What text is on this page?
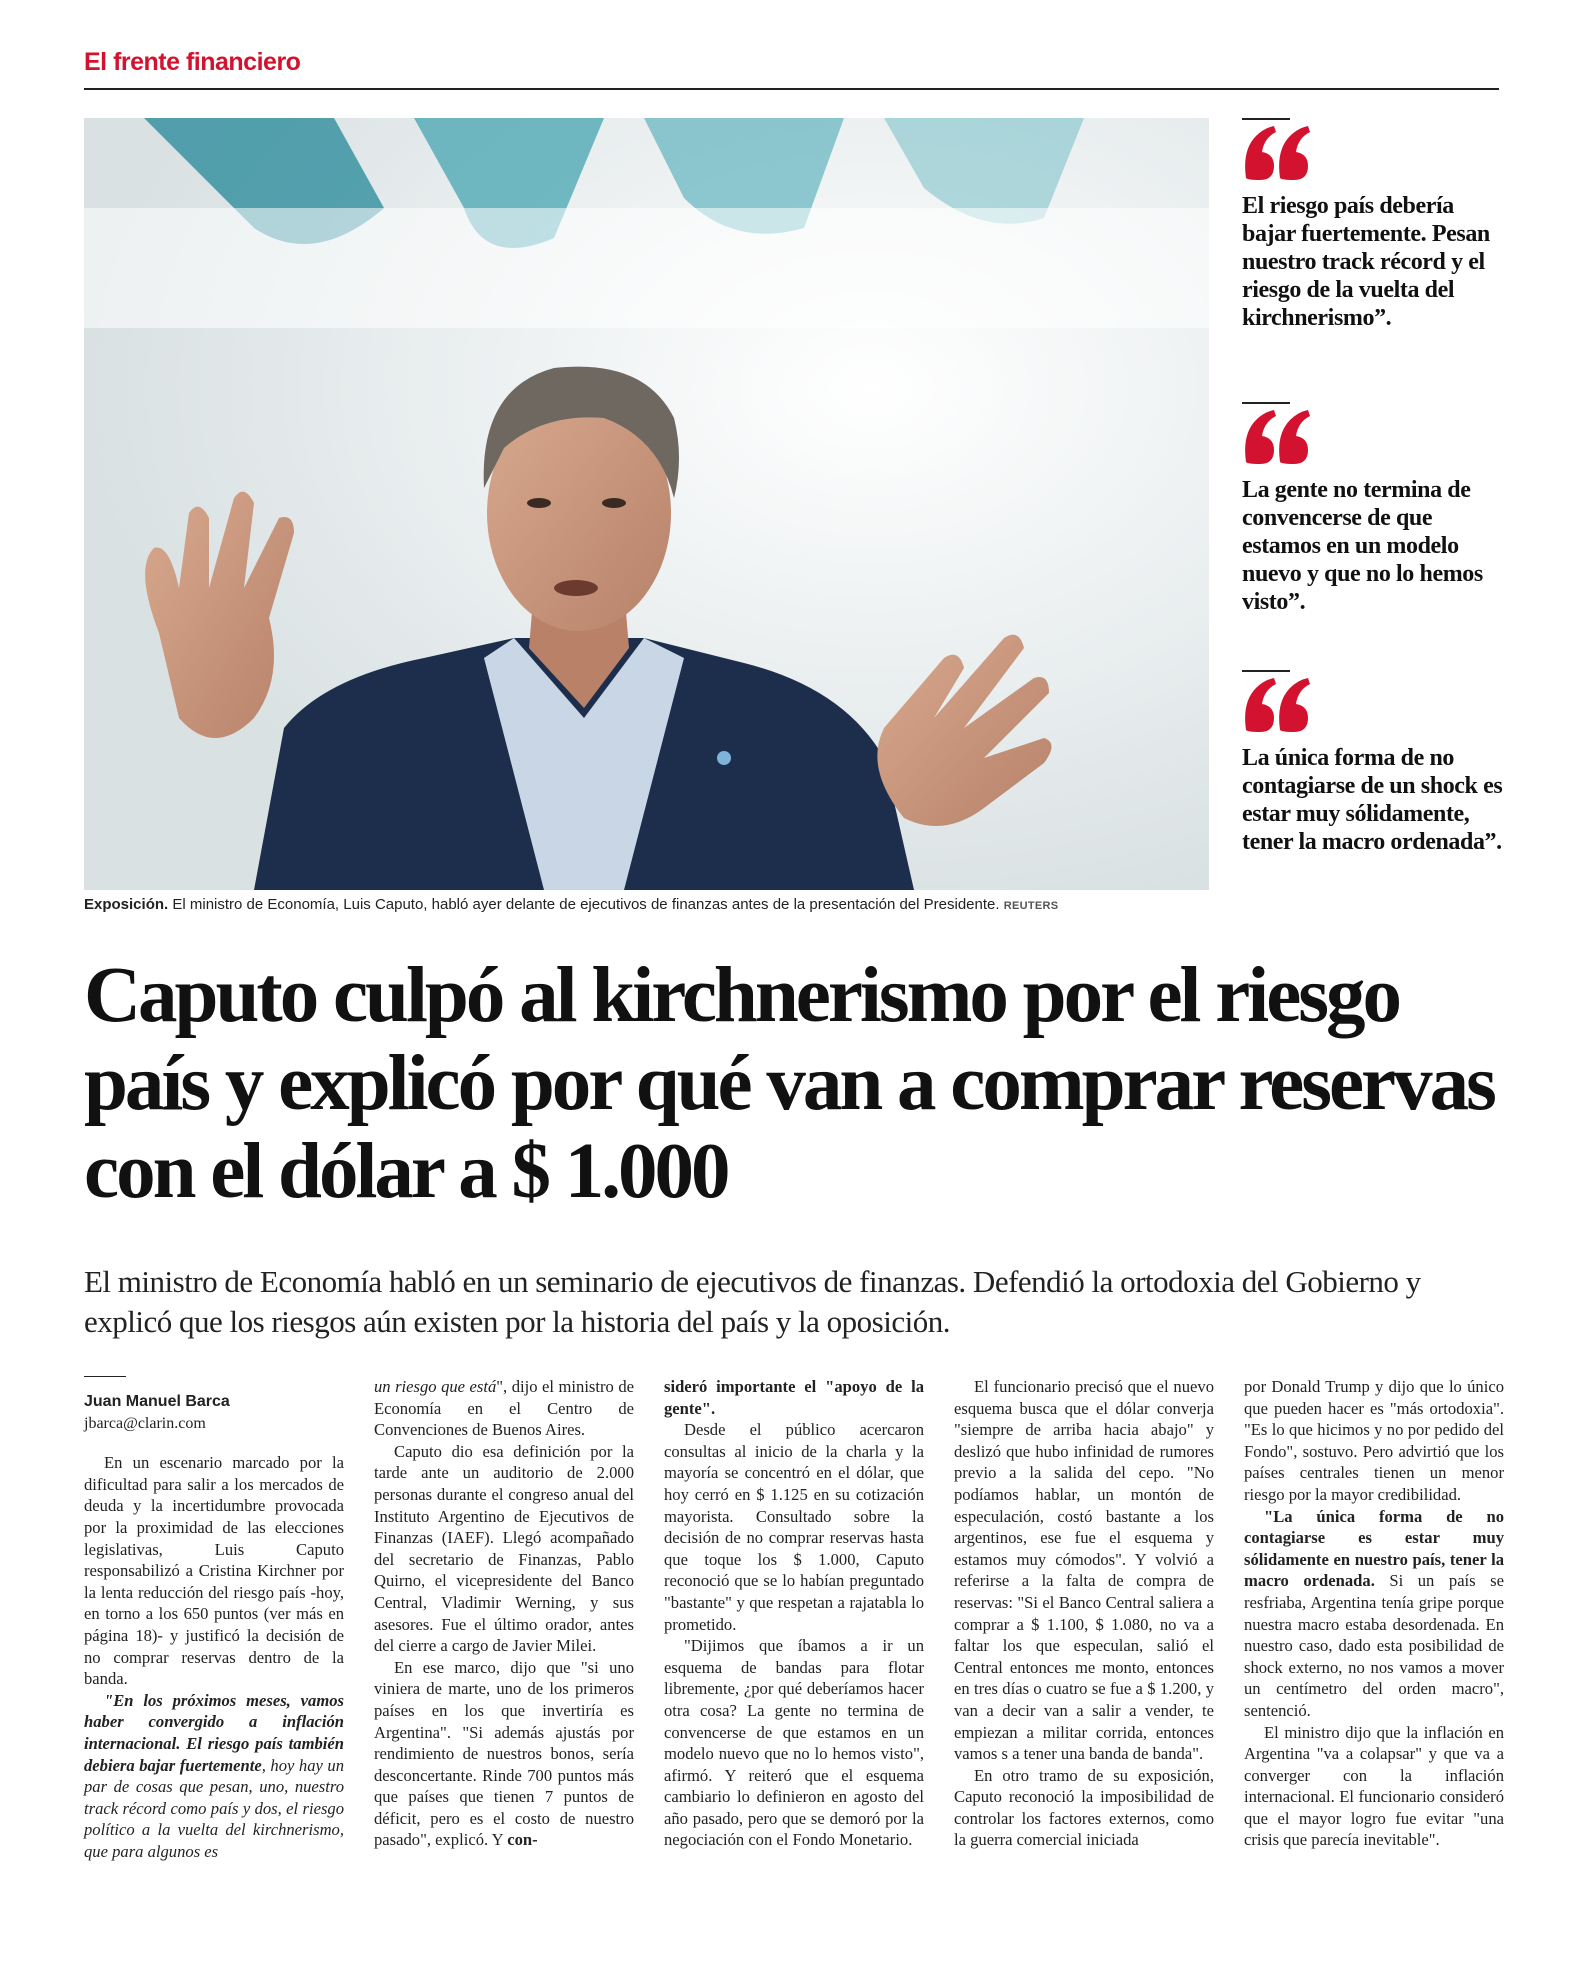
El frente financiero
Exposición. El ministro de Economía, Luis Caputo, habló ayer delante de ejecutivos de finanzas antes de la presentación del Presidente. REUTERS
El riesgo país debería bajar fuertemente. Pesan nuestro track récord y el riesgo de la vuelta del kirchnerismo”.
La gente no termina de convencerse de que estamos en un modelo nuevo y que no lo hemos visto”.
La única forma de no contagiarse de un shock es estar muy sólidamente, tener la macro ordenada”.
Caputo culpó al kirchnerismo por el riesgo país y explicó por qué van a comprar reservas con el dólar a $ 1.000
El ministro de Economía habló en un seminario de ejecutivos de finanzas. Defendió la ortodoxia del Gobierno y explicó que los riesgos aún existen por la historia del país y la oposición.
Juan Manuel Barca
jbarca@clarin.com

En un escenario marcado por la dificultad para salir a los mercados de deuda y la incertidumbre provocada por la proximidad de las elecciones legislativas, Luis Caputo responsabilizó a Cristina Kirchner por la lenta reducción del riesgo país -hoy, en torno a los 650 puntos (ver más en página 18)- y justificó la decisión de no comprar reservas dentro de la banda.

"En los próximos meses, vamos haber convergido a inflación internacional. El riesgo país también debiera bajar fuertemente, hoy hay un par de cosas que pesan, uno, nuestro track récord como país y dos, el riesgo político a la vuelta del kirchnerismo, que para algunos es

un riesgo que está", dijo el ministro de Economía en el Centro de Convenciones de Buenos Aires.

Caputo dio esa definición por la tarde ante un auditorio de 2.000 personas durante el congreso anual del Instituto Argentino de Ejecutivos de Finanzas (IAEF). Llegó acompañado del secretario de Finanzas, Pablo Quirno, el vicepresidente del Banco Central, Vladimir Werning, y sus asesores. Fue el último orador, antes del cierre a cargo de Javier Milei.

En ese marco, dijo que "si uno viniera de marte, uno de los primeros países en los que invertiría es Argentina". "Si además ajustás por rendimiento de nuestros bonos, sería desconcertante. Rinde 700 puntos más que países que tienen 7 puntos de déficit, pero es el costo de nuestro pasado", explicó. Y con-

sideró importante el "apoyo de la gente".

Desde el público acercaron consultas al inicio de la charla y la mayoría se concentró en el dólar, que hoy cerró en $ 1.125 en su cotización mayorista. Consultado sobre la decisión de no comprar reservas hasta que toque los $ 1.000, Caputo reconoció que se lo habían preguntado "bastante" y que respetan a rajatabla lo prometido.

"Dijimos que íbamos a ir un esquema de bandas para flotar libremente, ¿por qué deberíamos hacer otra cosa? La gente no termina de convencerse de que estamos en un modelo nuevo que no lo hemos visto", afirmó. Y reiteró que el esquema cambiario lo definieron en agosto del año pasado, pero que se demoró por la negociación con el Fondo Monetario.

El funcionario precisó que el nuevo esquema busca que el dólar converja "siempre de arriba hacia abajo" y deslizó que hubo infinidad de rumores previo a la salida del cepo. "No podíamos hablar, un montón de especulación, costó bastante a los argentinos, ese fue el esquema y estamos muy cómodos". Y volvió a referirse a la falta de compra de reservas: "Si el Banco Central saliera a comprar a $ 1.100, $ 1.080, no va a faltar los que especulan, salió el Central entonces me monto, entonces en tres días o cuatro se fue a $ 1.200, y van a decir van a salir a vender, te empiezan a militar corrida, entonces vamos s a tener una banda de banda".

En otro tramo de su exposición, Caputo reconoció la imposibilidad de controlar los factores externos, como la guerra comercial iniciada

por Donald Trump y dijo que lo único que pueden hacer es "más ortodoxia". "Es lo que hicimos y no por pedido del Fondo", sostuvo. Pero advirtió que los países centrales tienen un menor riesgo por la mayor credibilidad.

"La única forma de no contagiarse es estar muy sólidamente en nuestro país, tener la macro ordenada. Si un país se resfriaba, Argentina tenía gripe porque nuestra macro estaba desordenada. En nuestro caso, dado esta posibilidad de shock externo, no nos vamos a mover un centímetro del orden macro", sentenció.

El ministro dijo que la inflación en Argentina "va a colapsar" y que va a converger con la inflación internacional. El funcionario consideró que el mayor logro fue evitar "una crisis que parecía inevitable".
